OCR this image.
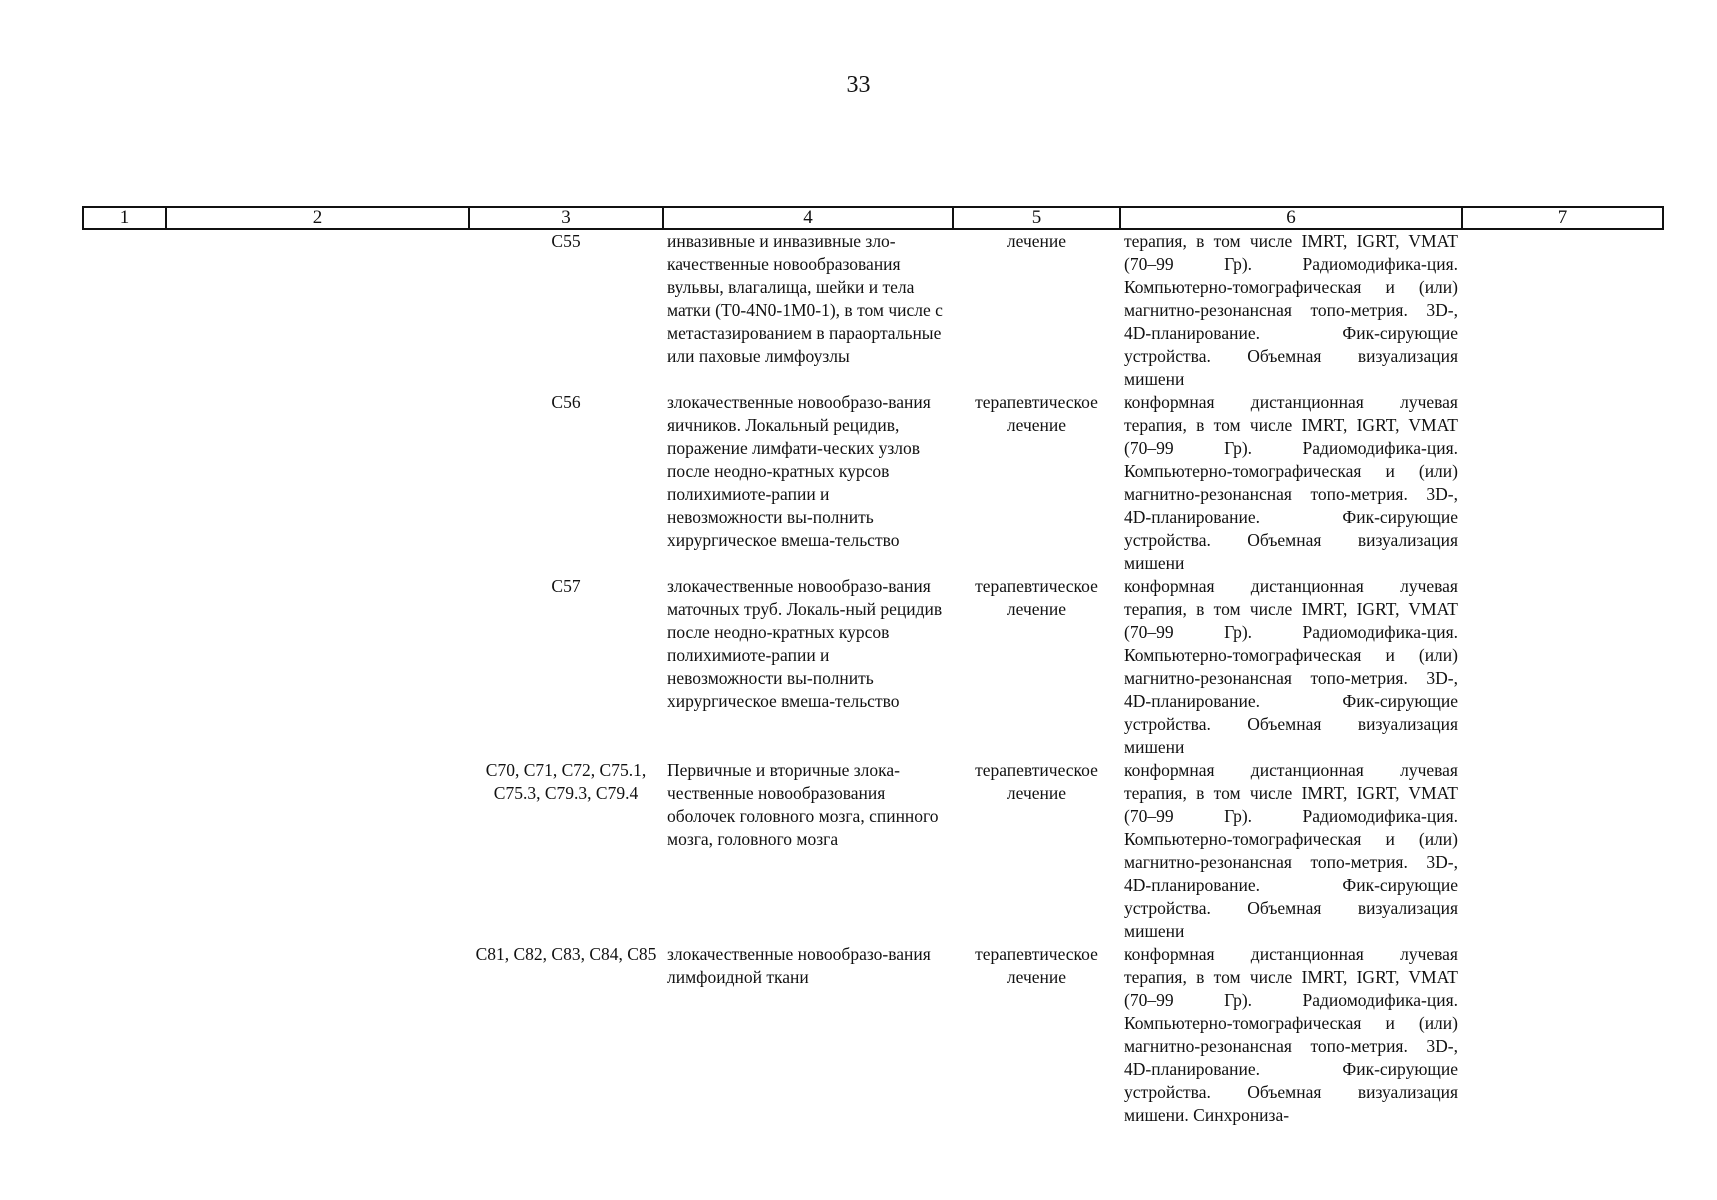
33
1	2	3	4	5	6	7
		C55	инвазивные и инвазивные зло-качественные новообразования вульвы, влагалища, шейки и тела матки (T0-4N0-1M0-1), в том числе с метастазированием в параортальные или паховые лимфоузлы	лечение	терапия, в том числе IMRT, IGRT, VMAT (70–99 Гр). Радиомодифика-ция. Компьютерно-томографическая и (или) магнитно-резонансная топо-метрия. 3D-, 4D-планирование. Фик-сирующие устройства. Объемная визуализация мишени	
		C56	злокачественные новообразо-вания яичников. Локальный рецидив, поражение лимфати-ческих узлов после неодно-кратных курсов полихимиоте-рапии и невозможности вы-полнить хирургическое вмеша-тельство	терапевтическое лечение	конформная дистанционная лучевая терапия, в том числе IMRT, IGRT, VMAT (70–99 Гр). Радиомодифика-ция. Компьютерно-томографическая и (или) магнитно-резонансная топо-метрия. 3D-, 4D-планирование. Фик-сирующие устройства. Объемная визуализация мишени	
		C57	злокачественные новообразо-вания маточных труб. Локаль-ный рецидив после неодно-кратных курсов полихимиоте-рапии и невозможности вы-полнить хирургическое вмеша-тельство	терапевтическое лечение	конформная дистанционная лучевая терапия, в том числе IMRT, IGRT, VMAT (70–99 Гр). Радиомодифика-ция. Компьютерно-томографическая и (или) магнитно-резонансная топо-метрия. 3D-, 4D-планирование. Фик-сирующие устройства. Объемная визуализация мишени	
		C70, C71, C72, C75.1, C75.3, C79.3, C79.4	Первичные и вторичные злока-чественные новообразования оболочек головного мозга, спинного мозга, головного мозга	терапевтическое лечение	конформная дистанционная лучевая терапия, в том числе IMRT, IGRT, VMAT (70–99 Гр). Радиомодифика-ция. Компьютерно-томографическая и (или) магнитно-резонансная топо-метрия. 3D-, 4D-планирование. Фик-сирующие устройства. Объемная визуализация мишени	
		C81, C82, C83, C84, C85	злокачественные новообразо-вания лимфоидной ткани	терапевтическое лечение	конформная дистанционная лучевая терапия, в том числе IMRT, IGRT, VMAT (70–99 Гр). Радиомодифика-ция. Компьютерно-томографическая и (или) магнитно-резонансная топо-метрия. 3D-, 4D-планирование. Фик-сирующие устройства. Объемная визуализация мишени. Синхрониза-	
